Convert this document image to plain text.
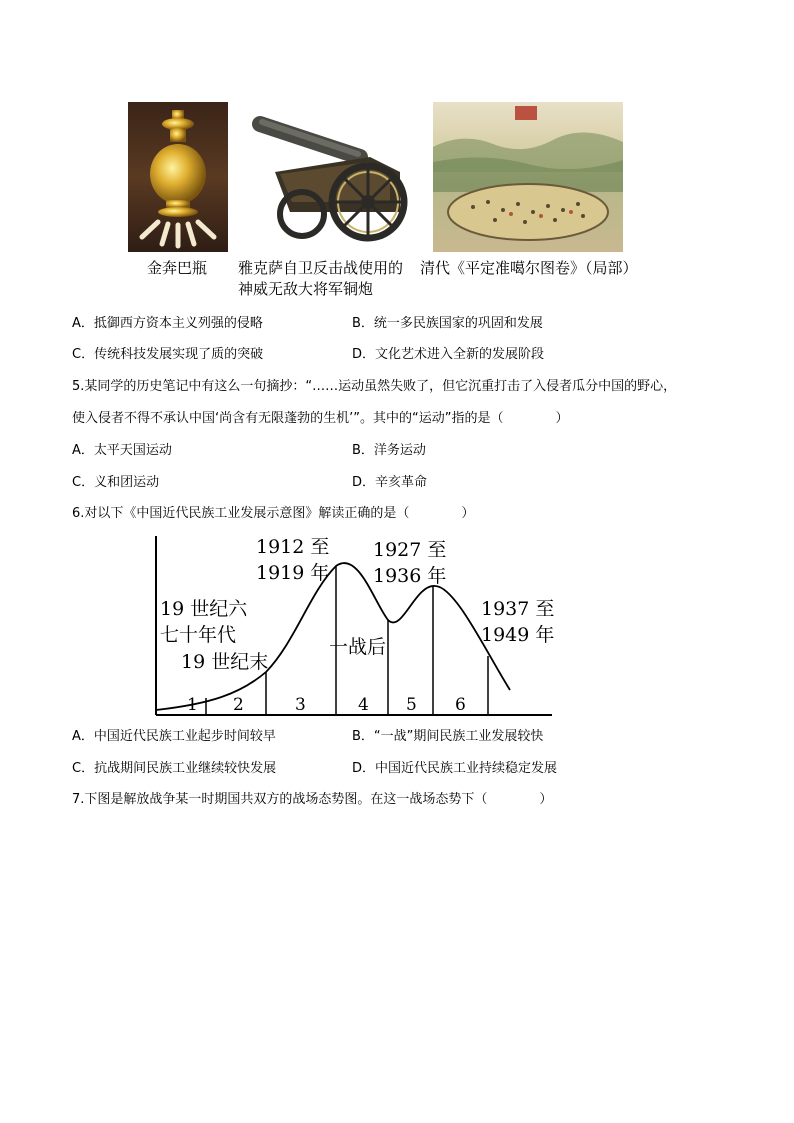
金奔巴瓶 雅克萨自卫反击战使用的
神威无敌大将军铜炮
清代《平定准噶尔图卷》（局部）
A．抵御西方资本主义列强的侵略	B．统一多民族国家的巩固和发展
C．传统科技发展实现了质的突破	D．文化艺术进入全新的发展阶段
5.某同学的历史笔记中有这么一句摘抄：“……运动虽然失败了，但它沉重打击了入侵者瓜分中国的野心，
使入侵者不得不承认中国‘尚含有无限蓬勃的生机’”。其中的“运动”指的是（　　　　）
A．太平天国运动	B．洋务运动
C．义和团运动	D．辛亥革命
6.对以下《中国近代民族工业发展示意图》解读正确的是（　　　　）
1 2	3	4 5 6
19 世纪六
七十年代
19 世纪末
1912 至
1919 年
一战后
1927 至
1936 年
1937 至
1949 年
A．中国近代民族工业起步时间较早	B．“一战”期间民族工业发展较快
C．抗战期间民族工业继续较快发展	D．中国近代民族工业持续稳定发展
7.下图是解放战争某一时期国共双方的战场态势图。在这一战场态势下（　　　　）
